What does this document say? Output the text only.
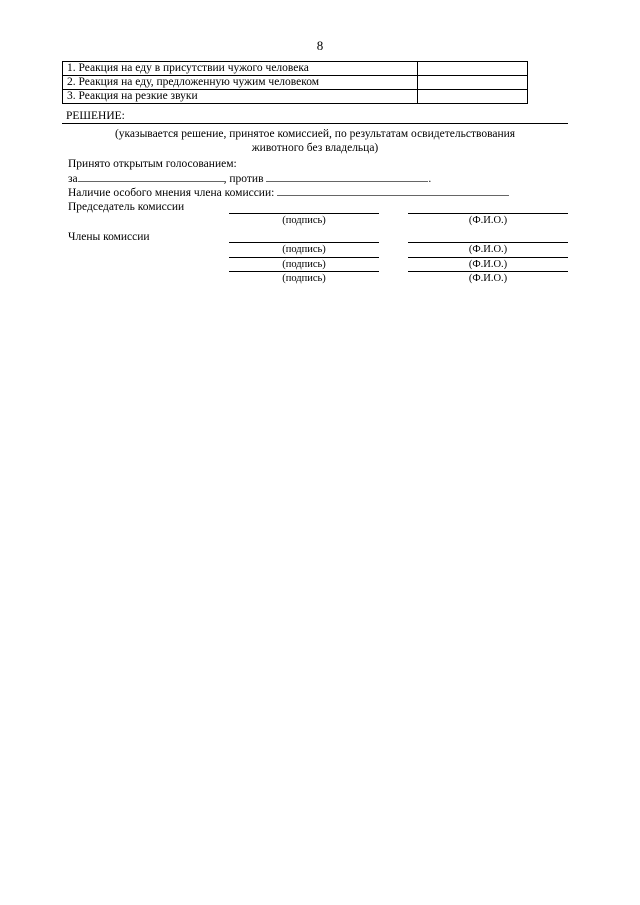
8
1. Реакция на еду в присутствии чужого человека	
2. Реакция на еду, предложенную чужим человеком	
3. Реакция на резкие звуки	
РЕШЕНИЕ:
(указывается решение, принятое комиссией, по результатам освидетельствования
животного без владельца)
Принято открытым голосованием:
за	, против	.
Наличие особого мнения члена комиссии:
Председатель комиссии
(подпись)	(Ф.И.О.)
Члены комиссии
(подпись)	(Ф.И.О.)
(подпись)	(Ф.И.О.)
(подпись)	(Ф.И.О.)
